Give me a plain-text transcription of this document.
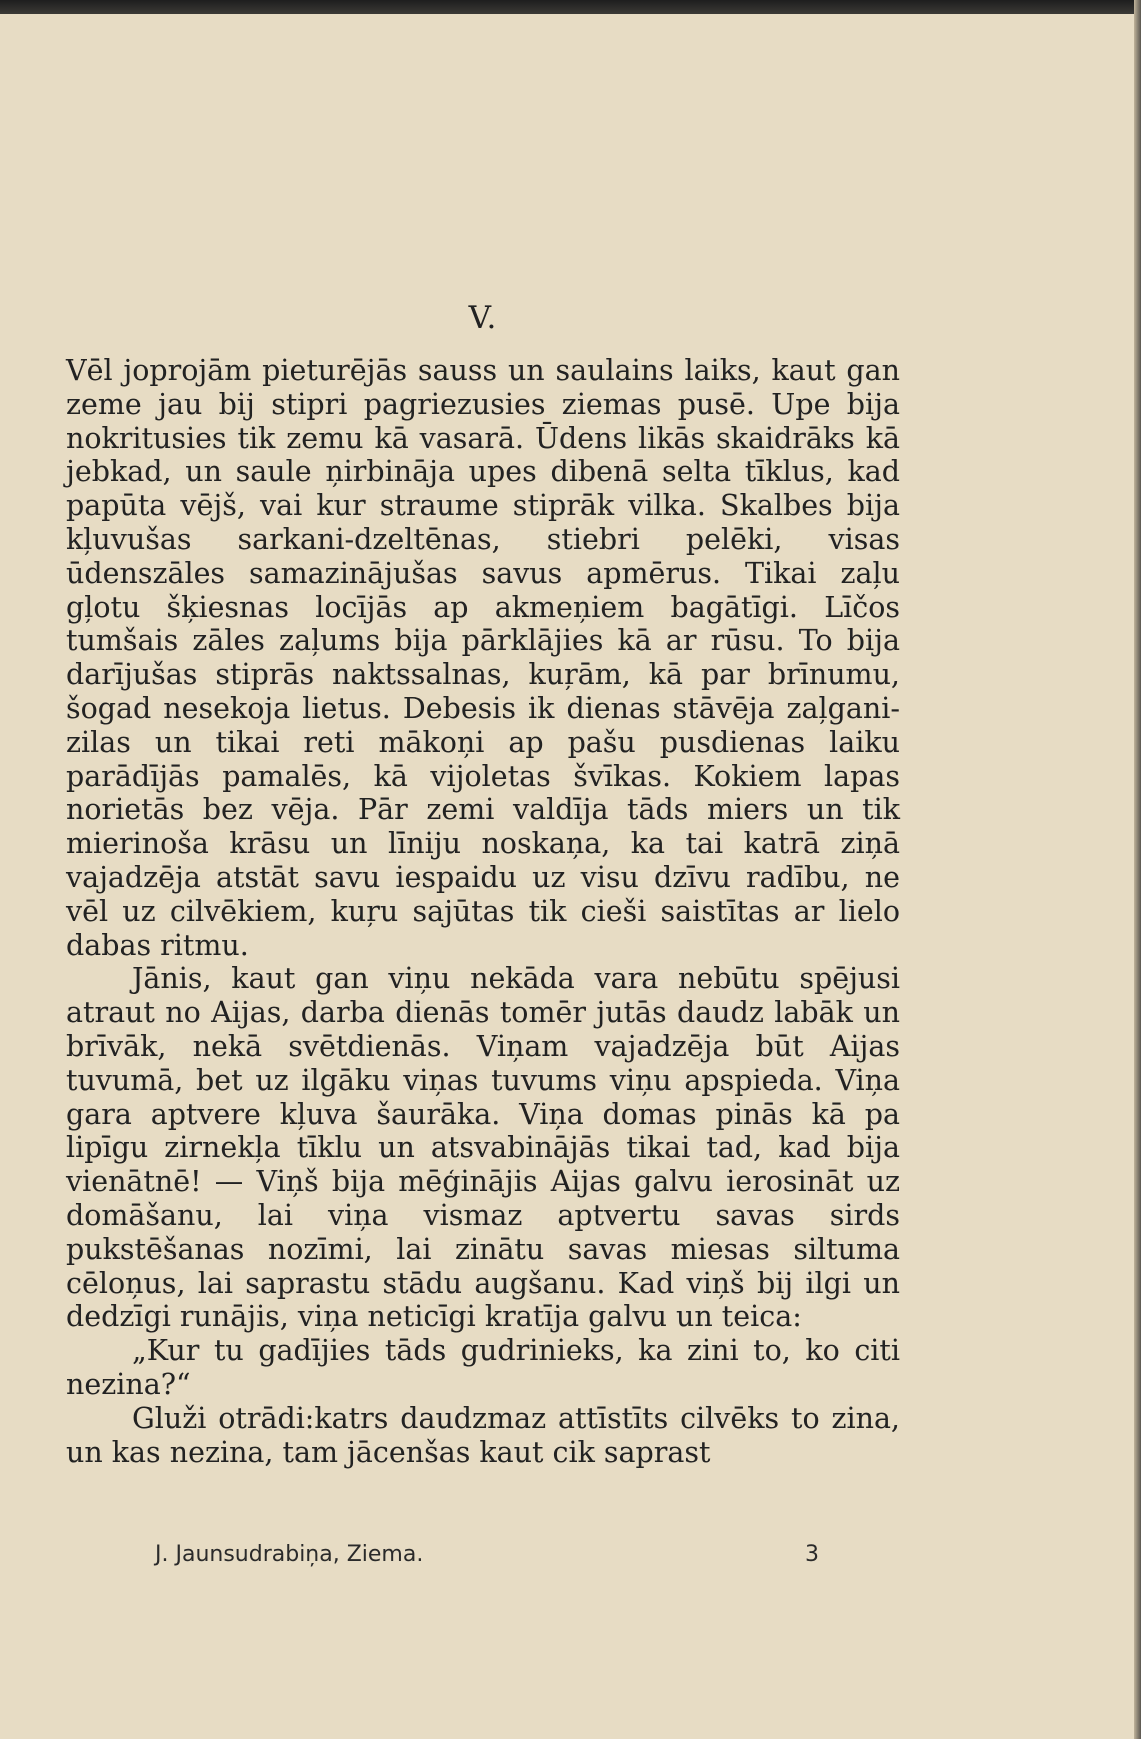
V.

Vēl joprojām pieturējās sauss un saulains laiks, kaut gan zeme jau bij stipri pagriezusies ziemas pusē. Upe bija nokritusies tik zemu kā vasarā. Ūdens likās skaidrāks kā jebkad, un saule ņirbināja upes dibenā selta tīklus, kad papūta vējš, vai kur straume stiprāk vilka. Skalbes bija kļuvušas sarkani-dzeltēnas, stiebri pelēki, visas ūdenszāles samazinājušas savus apmērus. Tikai zaļu gļotu šķiesnas locījās ap akmeņiem bagātīgi. Līčos tumšais zāles zaļums bija pārklājies kā ar rūsu. To bija darījušas stiprās naktssalnas, kuŗām, kā par brīnumu, šogad nesekoja lietus. Debesis ik dienas stāvēja zaļgani-zilas un tikai reti mākoņi ap pašu pusdienas laiku parādījās pamalēs, kā vijoletas švīkas. Kokiem lapas norietās bez vēja. Pār zemi valdīja tāds miers un tik mierinoša krāsu un līniju noskaņa, ka tai katrā ziņā vajadzēja atstāt savu iespaidu uz visu dzīvu radību, ne vēl uz cilvēkiem, kuŗu sajūtas tik cieši saistītas ar lielo dabas ritmu.

Jānis, kaut gan viņu nekāda vara nebūtu spējusi atraut no Aijas, darba dienās tomēr jutās daudz labāk un brīvāk, nekā svētdienās. Viņam vajadzēja būt Aijas tuvumā, bet uz ilgāku viņas tuvums viņu apspieda. Viņa gara aptvere kļuva šaurāka. Viņa domas pinās kā pa lipīgu zirnekļa tīklu un atsvabinājās tikai tad, kad bija vienātnē! — Viņš bija mēģinājis Aijas galvu ierosināt uz domāšanu, lai viņa vismaz aptvertu savas sirds pukstēšanas nozīmi, lai zinātu savas miesas siltuma cēloņus, lai saprastu stādu augšanu. Kad viņš bij ilgi un dedzīgi runājis, viņa neticīgi kratīja galvu un teica:

„Kur tu gadījies tāds gudrinieks, ka zini to, ko citi nezina?“

Gluži otrādi:katrs daudzmaz attīstīts cilvēks to zina, un kas nezina, tam jācenšas kaut cik saprast

J. Jaunsudrabiņa, Ziema.	3
